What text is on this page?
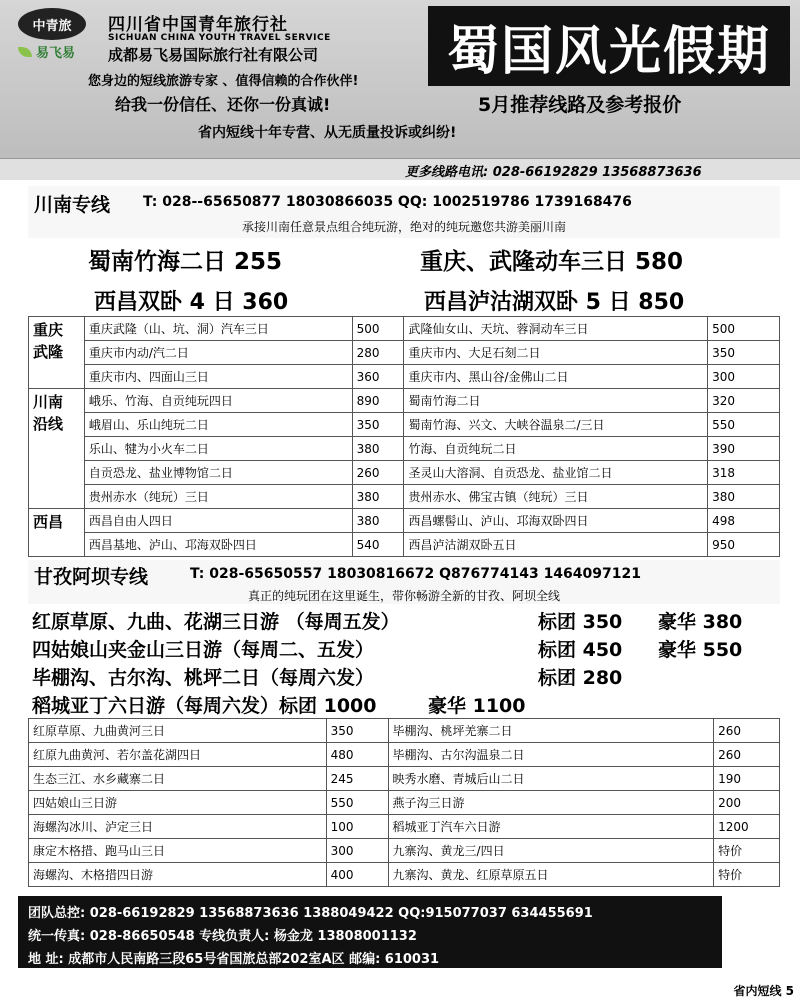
中青旅	四川省中国青年旅行社
SICHUAN CHINA YOUTH TRAVEL SERVICE
易飞易 成都易飞易国际旅行社有限公司
您身边的短线旅游专家 、值得信赖的合作伙伴!
给我一份信任、还你一份真诚!
省内短线十年专营、从无质量投诉或纠纷!
蜀国风光假期
5月推荐线路及参考报价
更多线路电讯: 028-66192829 13568873636
川南专线 T: 028--65650877 18030866035 QQ: 1002519786 1739168476
承接川南任意景点组合纯玩游，绝对的纯玩邀您共游美丽川南
蜀南竹海二日 255	重庆、武隆动车三日 580
西昌双卧 4 日 360	西昌泸沽湖双卧 5 日 850
重庆
武隆	重庆武隆（山、坑、洞）汽车三日	500	武隆仙女山、天坑、蓉洞动车三日	500
	重庆市内动/汽二日	280	重庆市内、大足石刻二日	350
	重庆市内、四面山三日	360	重庆市内、黑山谷/金佛山二日	300
川南
沿线	峨乐、竹海、自贡纯玩四日	890	蜀南竹海二日	320
	峨眉山、乐山纯玩二日	350	蜀南竹海、兴文、大峡谷温泉二/三日	550
	乐山、犍为小火车二日	380	竹海、自贡纯玩二日	390
	自贡恐龙、盐业博物馆二日	260	圣灵山大溶洞、自贡恐龙、盐业馆二日	318
	贵州赤水（纯玩）三日	380	贵州赤水、佛宝古镇（纯玩）三日	380
西昌	西昌自由人四日	380	西昌螺髻山、泸山、邛海双卧四日	498
	西昌基地、泸山、邛海双卧四日	540	西昌泸沽湖双卧五日	950
甘孜阿坝专线	T: 028-65650557 18030816672 Q876774143 1464097121
真正的纯玩团在这里诞生，带你畅游全新的甘孜、阿坝全线
红原草原、九曲、花湖三日游 （每周五发）	标团 350 豪华 380
四姑娘山夹金山三日游（每周二、五发）	标团 450 豪华 550
毕棚沟、古尔沟、桃坪二日（每周六发）	标团 280
稻城亚丁六日游（每周六发）标团 1000	豪华 1100
红原草原、九曲黄河三日	350	毕棚沟、桃坪羌寨二日	260
红原九曲黄河、若尔盖花湖四日	480	毕棚沟、古尔沟温泉二日	260
生态三江、水乡藏寨二日	245	映秀水磨、青城后山二日	190
四姑娘山三日游	550	燕子沟三日游	200
海螺沟冰川、泸定三日	100	稻城亚丁汽车六日游	1200
康定木格措、跑马山三日	300	九寨沟、黄龙三/四日	特价
海螺沟、木格措四日游	400	九寨沟、黄龙、红原草原五日	特价
团队总控: 028-66192829 13568873636 1388049422 QQ:915077037 634455691
统一传真: 028-86650548 专线负责人: 杨金龙 13808001132
地 址: 成都市人民南路三段65号省国旅总部202室A区 邮编: 610031
省内短线 5
